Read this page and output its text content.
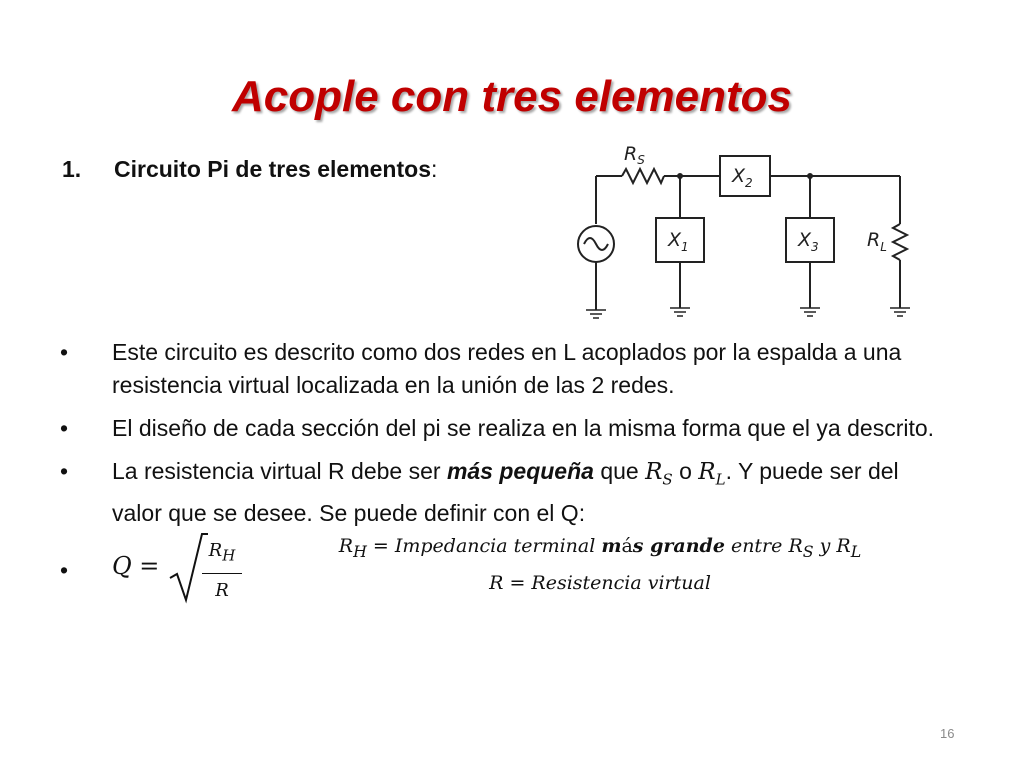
Acople con tres elementos
1. Circuito Pi de tres elementos:
$R_S$
$X_2$
$X_1$	$X_3$	$R_L$
• Este circuito es descrito como dos redes en L acoplados por la espalda a una resistencia virtual localizada en la unión de las 2 redes.
• El diseño de cada sección del pi se realiza en la misma forma que el ya descrito.
• La resistencia virtual R debe ser más pequeña que $R_S$ o $R_L$. Y puede ser del valor que se desee. Se puede definir con el Q:
• $Q = \frac{R_H}{R}$	$R_H$ = Impedancia terminal más grande entre $R_S$ y $R_L$
R = Resistencia virtual
16
